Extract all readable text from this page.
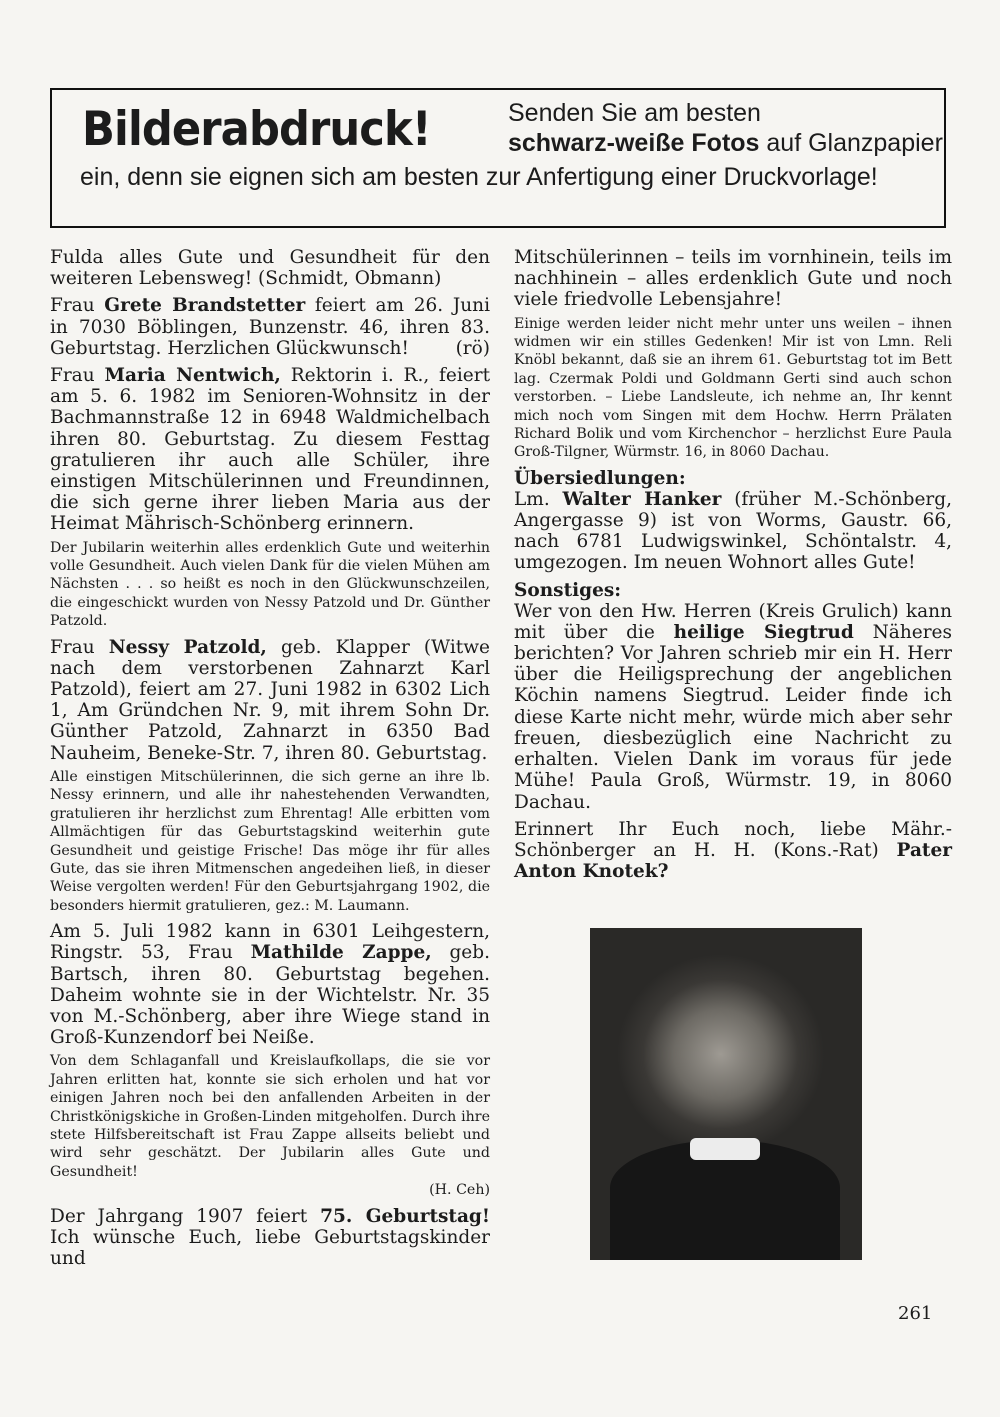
Bilderabdruck!	Senden Sie am besten
schwarz-weiße Fotos auf Glanzpapier
ein, denn sie eignen sich am besten zur Anfertigung einer Druckvorlage!

Fulda alles Gute und Gesundheit für den weiteren Lebensweg! (Schmidt, Obmann)

Frau Grete Brandstetter feiert am 26. Juni in 7030 Böblingen, Bunzenstr. 46, ihren 83. Geburtstag. Herzlichen Glückwunsch!	(rö)

Frau Maria Nentwich, Rektorin i. R., feiert am 5. 6. 1982 im Senioren-Wohnsitz in der Bachmannstraße 12 in 6948 Waldmichelbach ihren 80. Geburtstag. Zu diesem Festtag gratulieren ihr auch alle Schüler, ihre einstigen Mitschülerinnen und Freundinnen, die sich gerne ihrer lieben Maria aus der Heimat Mährisch-Schönberg erinnern.

Der Jubilarin weiterhin alles erdenklich Gute und weiterhin volle Gesundheit. Auch vielen Dank für die vielen Mühen am Nächsten . . . so heißt es noch in den Glückwunschzeilen, die eingeschickt wurden von Nessy Patzold und Dr. Günther Patzold.

Frau Nessy Patzold, geb. Klapper (Witwe nach dem verstorbenen Zahnarzt Karl Patzold), feiert am 27. Juni 1982 in 6302 Lich 1, Am Gründchen Nr. 9, mit ihrem Sohn Dr. Günther Patzold, Zahnarzt in 6350 Bad Nauheim, Beneke-Str. 7, ihren 80. Geburtstag.

Alle einstigen Mitschülerinnen, die sich gerne an ihre lb. Nessy erinnern, und alle ihr nahestehenden Verwandten, gratulieren ihr herzlichst zum Ehrentag! Alle erbitten vom Allmächtigen für das Geburtstagskind weiterhin gute Gesundheit und geistige Frische! Das möge ihr für alles Gute, das sie ihren Mitmenschen angedeihen ließ, in dieser Weise vergolten werden! Für den Geburtsjahrgang 1902, die besonders hiermit gratulieren, gez.: M. Laumann.

Am 5. Juli 1982 kann in 6301 Leihgestern, Ringstr. 53, Frau Mathilde Zappe, geb. Bartsch, ihren 80. Geburtstag begehen. Daheim wohnte sie in der Wichtelstr. Nr. 35 von M.-Schönberg, aber ihre Wiege stand in Groß-Kunzendorf bei Neiße.

Von dem Schlaganfall und Kreislaufkollaps, die sie vor Jahren erlitten hat, konnte sie sich erholen und hat vor einigen Jahren noch bei den anfallenden Arbeiten in der Christkönigskiche in Großen-Linden mitgeholfen. Durch ihre stete Hilfsbereitschaft ist Frau Zappe allseits beliebt und wird sehr geschätzt. Der Jubilarin alles Gute und Gesundheit!
(H. Ceh)

Der Jahrgang 1907 feiert 75. Geburtstag! Ich wünsche Euch, liebe Geburtstagskinder und

Mitschülerinnen – teils im vornhinein, teils im nachhinein – alles erdenklich Gute und noch viele friedvolle Lebensjahre!

Einige werden leider nicht mehr unter uns weilen – ihnen widmen wir ein stilles Gedenken! Mir ist von Lmn. Reli Knöbl bekannt, daß sie an ihrem 61. Geburtstag tot im Bett lag. Czermak Poldi und Goldmann Gerti sind auch schon verstorben. – Liebe Landsleute, ich nehme an, Ihr kennt mich noch vom Singen mit dem Hochw. Herrn Prälaten Richard Bolik und vom Kirchenchor – herzlichst Eure Paula Groß-Tilgner, Würmstr. 16, in 8060 Dachau.

Übersiedlungen:

Lm. Walter Hanker (früher M.-Schönberg, Angergasse 9) ist von Worms, Gaustr. 66, nach 6781 Ludwigswinkel, Schöntalstr. 4, umgezogen. Im neuen Wohnort alles Gute!

Sonstiges:

Wer von den Hw. Herren (Kreis Grulich) kann mit über die heilige Siegtrud Näheres berichten? Vor Jahren schrieb mir ein H. Herr über die Heiligsprechung der angeblichen Köchin namens Siegtrud. Leider finde ich diese Karte nicht mehr, würde mich aber sehr freuen, diesbezüglich eine Nachricht zu erhalten. Vielen Dank im voraus für jede Mühe! Paula Groß, Würmstr. 19, in 8060 Dachau.

Erinnert Ihr Euch noch, liebe Mähr.-Schönberger an H. H. (Kons.-Rat) Pater Anton Knotek?

261
